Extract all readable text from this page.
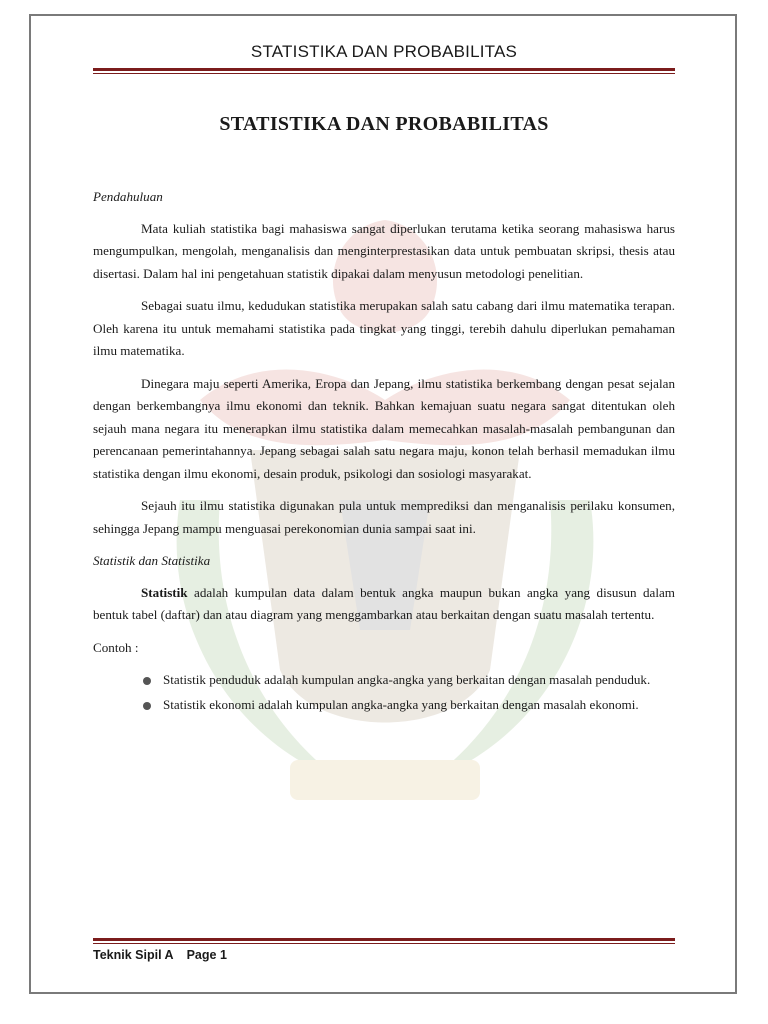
STATISTIKA DAN PROBABILITAS
STATISTIKA DAN PROBABILITAS
Pendahuluan

Mata kuliah statistika bagi mahasiswa sangat diperlukan terutama ketika seorang mahasiswa harus mengumpulkan, mengolah, menganalisis dan menginterprestasikan data untuk pembuatan skripsi, thesis atau disertasi. Dalam hal ini pengetahuan statistik dipakai dalam menyusun metodologi penelitian.

Sebagai suatu ilmu, kedudukan statistika merupakan salah satu cabang dari ilmu matematika terapan. Oleh karena itu untuk memahami statistika pada tingkat yang tinggi, terebih dahulu diperlukan pemahaman ilmu matematika.

Dinegara maju seperti Amerika, Eropa dan Jepang, ilmu statistika berkembang dengan pesat sejalan dengan berkembangnya ilmu ekonomi dan teknik. Bahkan kemajuan suatu negara sangat ditentukan oleh sejauh mana negara itu menerapkan ilmu statistika dalam memecahkan masalah-masalah pembangunan dan perencanaan pemerintahannya. Jepang sebagai salah satu negara maju, konon telah berhasil memadukan ilmu statistika dengan ilmu ekonomi, desain produk, psikologi dan sosiologi masyarakat.

Sejauh itu ilmu statistika digunakan pula untuk memprediksi dan menganalisis perilaku konsumen, sehingga Jepang mampu menguasai perekonomian dunia sampai saat ini.

Statistik dan Statistika

Statistik adalah kumpulan data dalam bentuk angka maupun bukan angka yang disusun dalam bentuk tabel (daftar) dan atau diagram yang menggambarkan atau berkaitan dengan suatu masalah tertentu.

Contoh :

Statistik penduduk adalah kumpulan angka-angka yang berkaitan dengan masalah penduduk.
Statistik ekonomi adalah kumpulan angka-angka yang berkaitan dengan masalah ekonomi.
Teknik Sipil A Page 1
